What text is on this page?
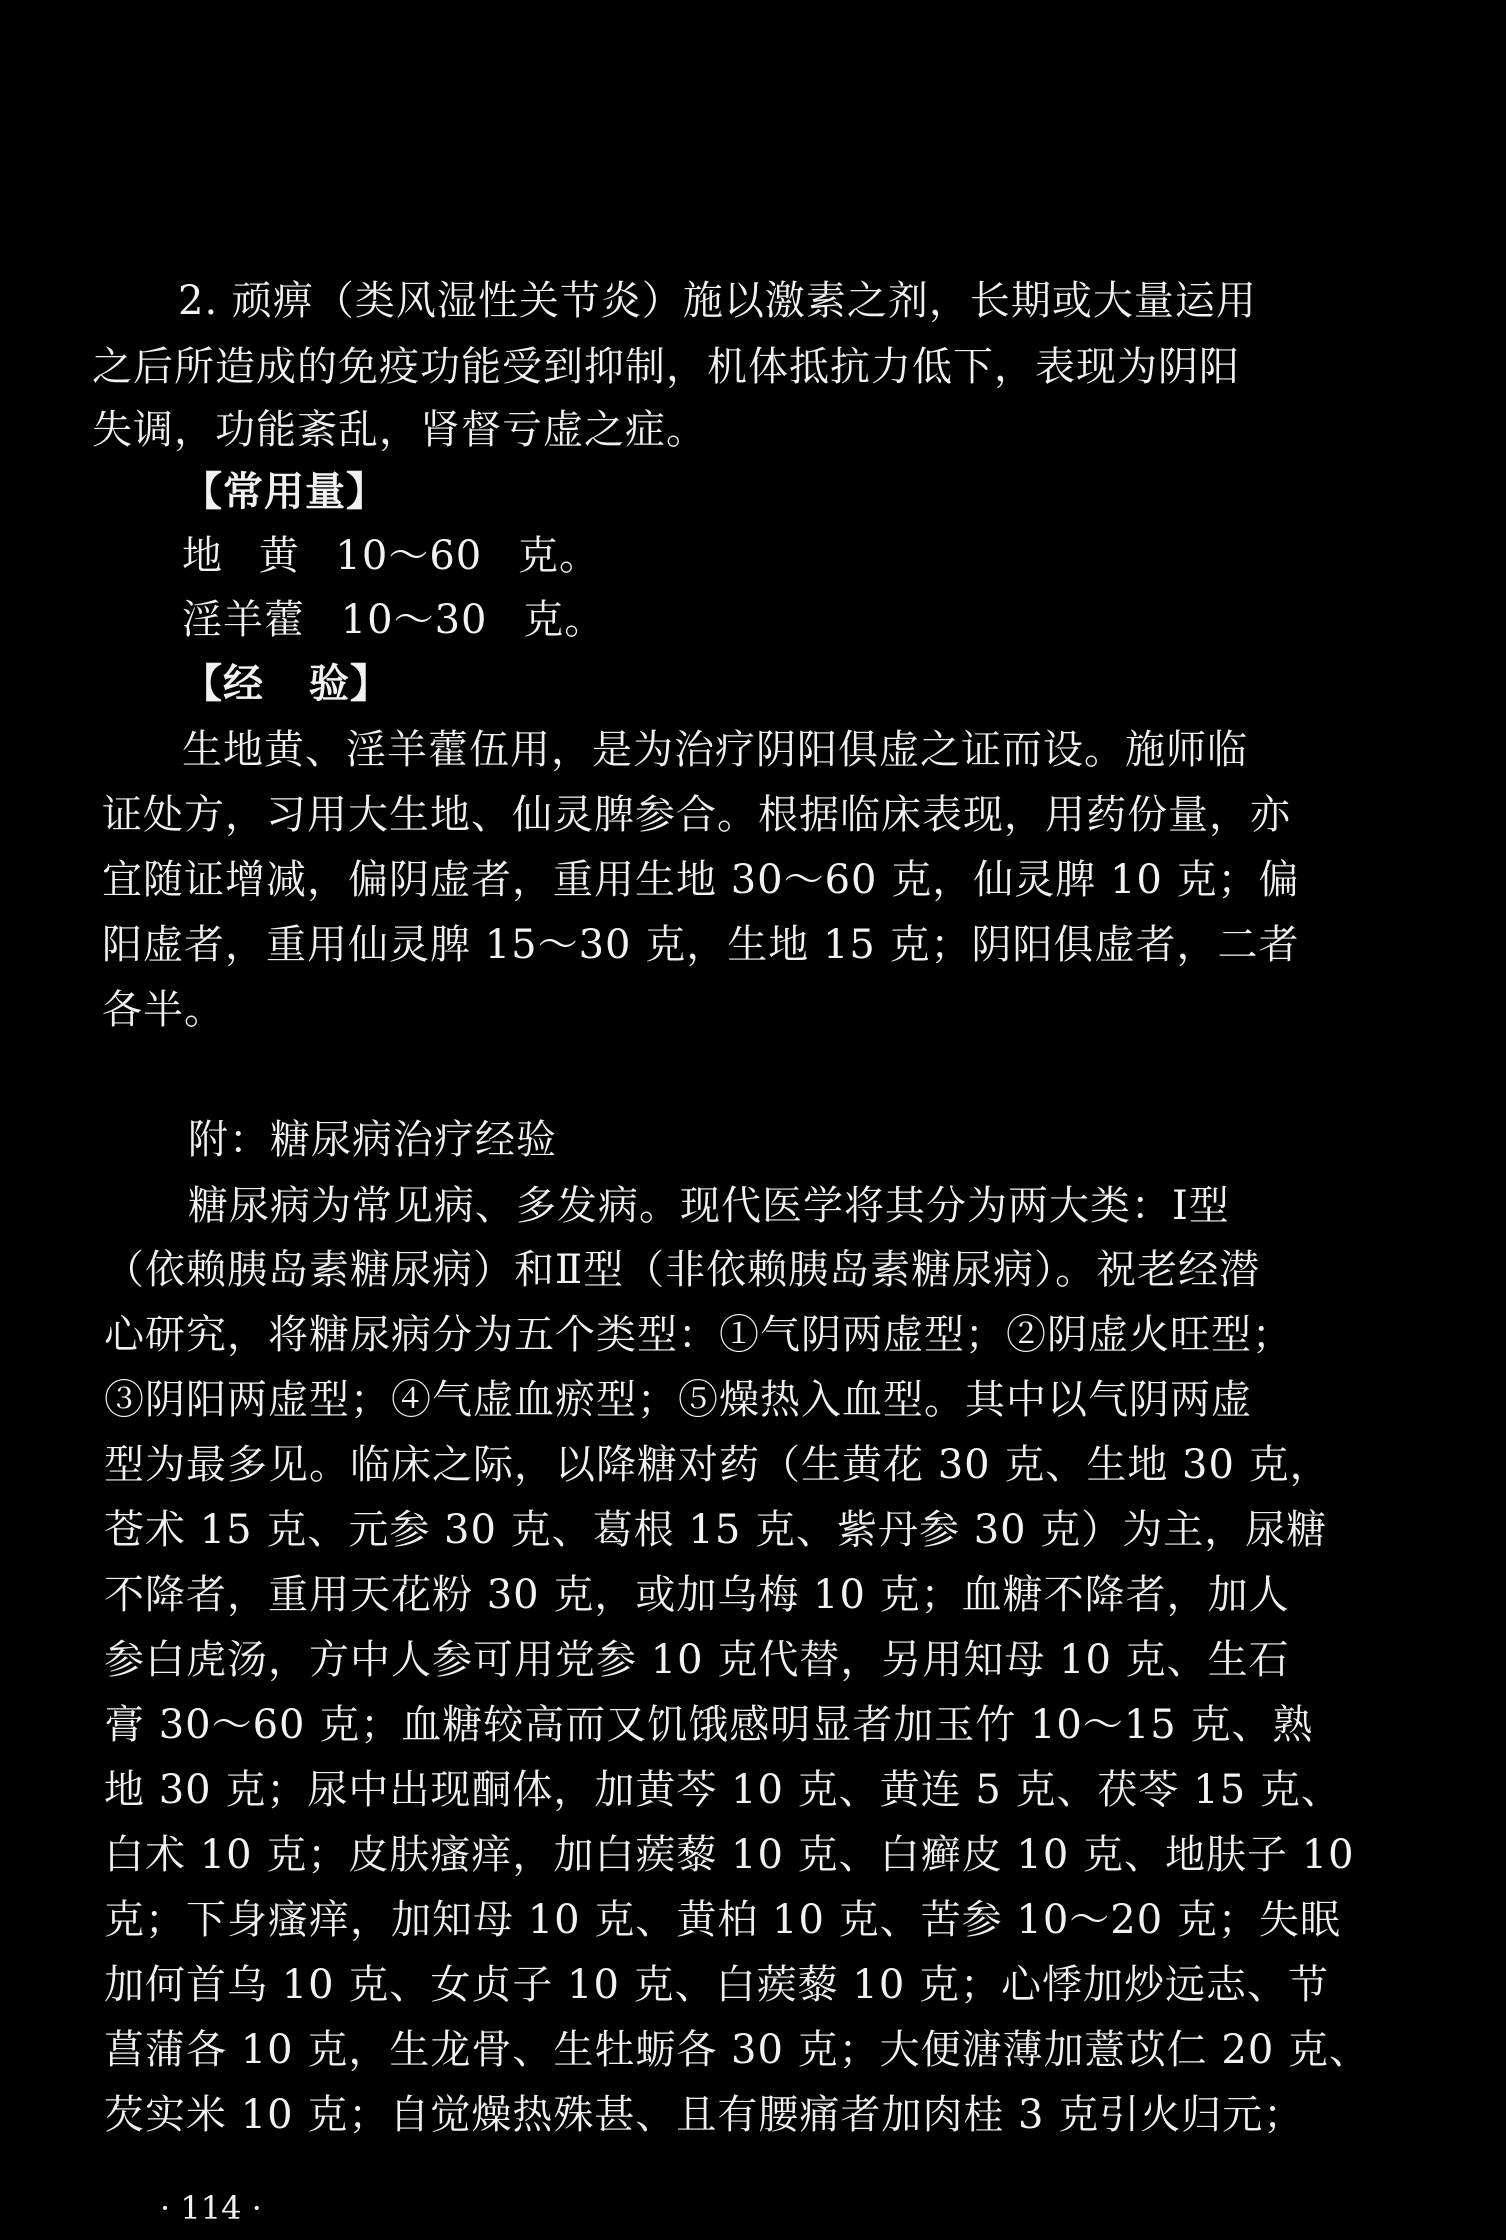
2. 顽痹（类风湿性关节炎）施以激素之剂，长期或大量运用
之后所造成的免疫功能受到抑制，机体抵抗力低下，表现为阴阳
失调，功能紊乱，肾督亏虚之症。
【常用量】
地 黄 10～60 克。
淫羊藿 10～30 克。
【经 验】
生地黄、淫羊藿伍用，是为治疗阴阳俱虚之证而设。施师临
证处方，习用大生地、仙灵脾参合。根据临床表现，用药份量，亦
宜随证增减，偏阴虚者，重用生地 30～60 克，仙灵脾 10 克；偏
阳虚者，重用仙灵脾 15～30 克，生地 15 克；阴阳俱虚者，二者
各半。
附：糖尿病治疗经验
糖尿病为常见病、多发病。现代医学将其分为两大类：Ⅰ型
（依赖胰岛素糖尿病）和Ⅱ型（非依赖胰岛素糖尿病）。祝老经潜
心研究，将糖尿病分为五个类型：①气阴两虚型；②阴虚火旺型；
③阴阳两虚型；④气虚血瘀型；⑤燥热入血型。其中以气阴两虚
型为最多见。临床之际，以降糖对药（生黄花 30 克、生地 30 克，
苍术 15 克、元参 30 克、葛根 15 克、紫丹参 30 克）为主，尿糖
不降者，重用天花粉 30 克，或加乌梅 10 克；血糖不降者，加人
参白虎汤，方中人参可用党参 10 克代替，另用知母 10 克、生石
膏 30～60 克；血糖较高而又饥饿感明显者加玉竹 10～15 克、熟
地 30 克；尿中出现酮体，加黄芩 10 克、黄连 5 克、茯苓 15 克、
白术 10 克；皮肤瘙痒，加白蒺藜 10 克、白癣皮 10 克、地肤子 10
克；下身瘙痒，加知母 10 克、黄柏 10 克、苦参 10～20 克；失眠
加何首乌 10 克、女贞子 10 克、白蒺藜 10 克；心悸加炒远志、节
菖蒲各 10 克，生龙骨、生牡蛎各 30 克；大便溏薄加薏苡仁 20 克、
芡实米 10 克；自觉燥热殊甚、且有腰痛者加肉桂 3 克引火归元；
· 114 ·
